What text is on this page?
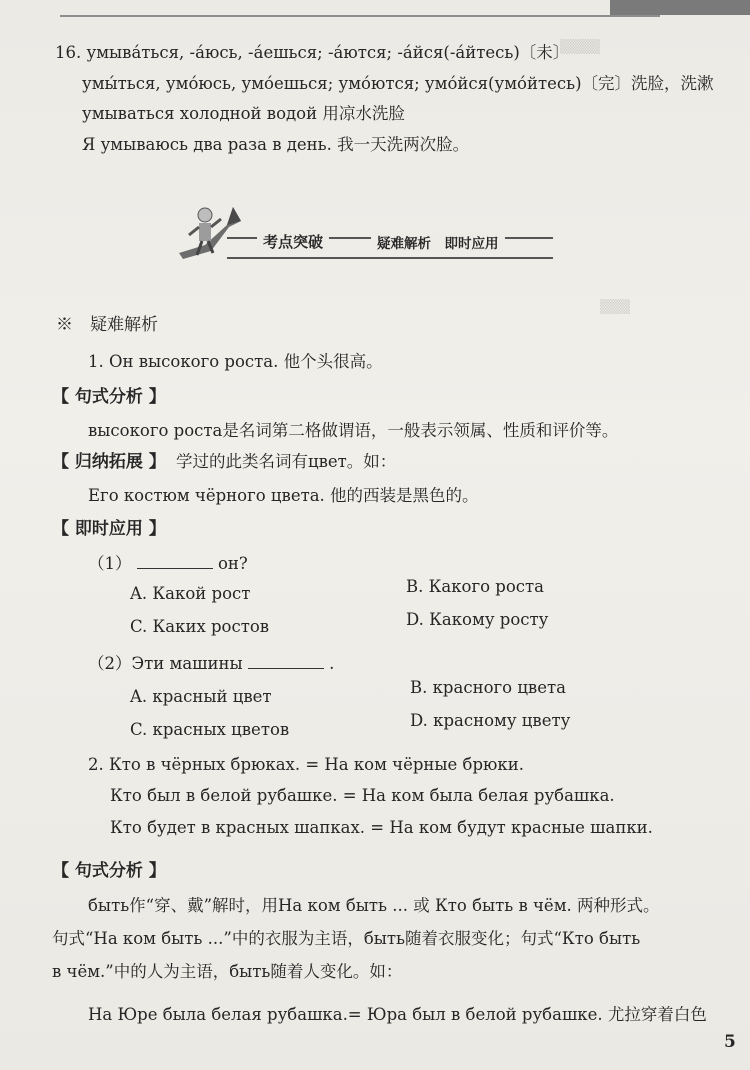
▒▒▒▒
▒▒▒
16. умыва́ться, -а́юсь, -а́ешься; -а́ются; -а́йся(-а́йтесь)〔未〕
умы́ться, умо́юсь, умо́ешься; умо́ются; умо́йся(умо́йтесь)〔完〕洗脸，洗漱
умываться холодной водой 用凉水洗脸
Я умываюсь два раза в день. 我一天洗两次脸。
考点突破	疑难解析　即时应用
※　疑难解析
1. Он высокого роста. 他个头很高。
【 句式分析 】
высокого роста是名词第二格做谓语，一般表示领属、性质和评价等。
【 归纳拓展 】 学过的此类名词有цвет。如：
Его костюм чёрного цвета. 他的西装是黑色的。
【 即时应用 】
（1）	он?
A. Какой рост	B. Какого роста
C. Каких ростов	D. Какому росту
（2）Эти машины	.
A. красный цвет	B. красного цвета
C. красных цветов	D. красному цвету
2. Кто в чёрных брюках. = На ком чёрные брюки.
Кто был в белой рубашке. = На ком была белая рубашка.
Кто будет в красных шапках. = На ком будут красные шапки.
【 句式分析 】
быть作“穿、戴”解时，用На ком быть ... 或 Кто быть в чём. 两种形式。
句式“На ком быть ...”中的衣服为主语，быть随着衣服变化；句式“Кто быть
в чём.”中的人为主语，быть随着人变化。如：
На Юре была белая рубашка.= Юра был в белой рубашке. 尤拉穿着白色
5
